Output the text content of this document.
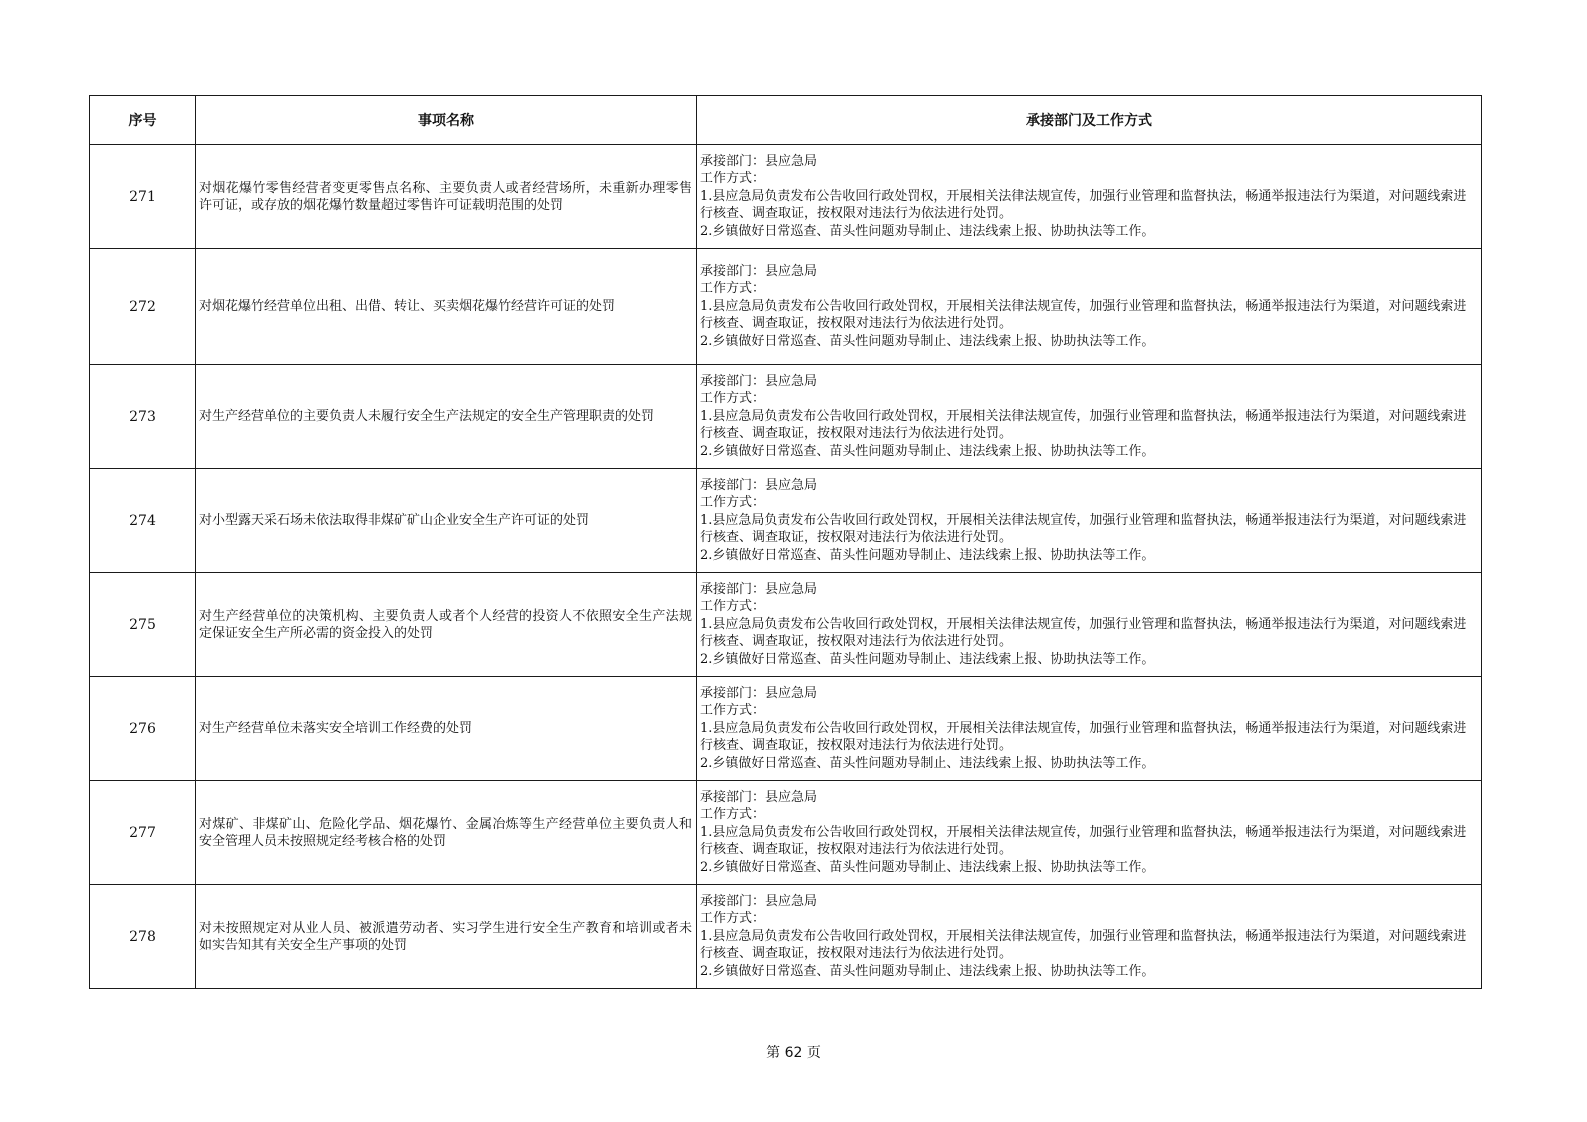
序号	事项名称	承接部门及工作方式
271	对烟花爆竹零售经营者变更零售点名称、主要负责人或者经营场所，未重新办理零售许可证，或存放的烟花爆竹数量超过零售许可证载明范围的处罚	承接部门：县应急局
工作方式：
1.县应急局负责发布公告收回行政处罚权，开展相关法律法规宣传，加强行业管理和监督执法，畅通举报违法行为渠道，对问题线索进行核查、调查取证，按权限对违法行为依法进行处罚。
2.乡镇做好日常巡查、苗头性问题劝导制止、违法线索上报、协助执法等工作。

272	对烟花爆竹经营单位出租、出借、转让、买卖烟花爆竹经营许可证的处罚	承接部门：县应急局
工作方式：
1.县应急局负责发布公告收回行政处罚权，开展相关法律法规宣传，加强行业管理和监督执法，畅通举报违法行为渠道，对问题线索进行核查、调查取证，按权限对违法行为依法进行处罚。
2.乡镇做好日常巡查、苗头性问题劝导制止、违法线索上报、协助执法等工作。

273	对生产经营单位的主要负责人未履行安全生产法规定的安全生产管理职责的处罚	承接部门：县应急局
工作方式：
1.县应急局负责发布公告收回行政处罚权，开展相关法律法规宣传，加强行业管理和监督执法，畅通举报违法行为渠道，对问题线索进行核查、调查取证，按权限对违法行为依法进行处罚。
2.乡镇做好日常巡查、苗头性问题劝导制止、违法线索上报、协助执法等工作。

274	对小型露天采石场未依法取得非煤矿矿山企业安全生产许可证的处罚	承接部门：县应急局
工作方式：
1.县应急局负责发布公告收回行政处罚权，开展相关法律法规宣传，加强行业管理和监督执法，畅通举报违法行为渠道，对问题线索进行核查、调查取证，按权限对违法行为依法进行处罚。
2.乡镇做好日常巡查、苗头性问题劝导制止、违法线索上报、协助执法等工作。

275	对生产经营单位的决策机构、主要负责人或者个人经营的投资人不依照安全生产法规定保证安全生产所必需的资金投入的处罚	承接部门：县应急局
工作方式：
1.县应急局负责发布公告收回行政处罚权，开展相关法律法规宣传，加强行业管理和监督执法，畅通举报违法行为渠道，对问题线索进行核查、调查取证，按权限对违法行为依法进行处罚。
2.乡镇做好日常巡查、苗头性问题劝导制止、违法线索上报、协助执法等工作。

276	对生产经营单位未落实安全培训工作经费的处罚	承接部门：县应急局
工作方式：
1.县应急局负责发布公告收回行政处罚权，开展相关法律法规宣传，加强行业管理和监督执法，畅通举报违法行为渠道，对问题线索进行核查、调查取证，按权限对违法行为依法进行处罚。
2.乡镇做好日常巡查、苗头性问题劝导制止、违法线索上报、协助执法等工作。

277	对煤矿、非煤矿山、危险化学品、烟花爆竹、金属冶炼等生产经营单位主要负责人和安全管理人员未按照规定经考核合格的处罚	承接部门：县应急局
工作方式：
1.县应急局负责发布公告收回行政处罚权，开展相关法律法规宣传，加强行业管理和监督执法，畅通举报违法行为渠道，对问题线索进行核查、调查取证，按权限对违法行为依法进行处罚。
2.乡镇做好日常巡查、苗头性问题劝导制止、违法线索上报、协助执法等工作。

278	对未按照规定对从业人员、被派遣劳动者、实习学生进行安全生产教育和培训或者未如实告知其有关安全生产事项的处罚	承接部门：县应急局
工作方式：
1.县应急局负责发布公告收回行政处罚权，开展相关法律法规宣传，加强行业管理和监督执法，畅通举报违法行为渠道，对问题线索进行核查、调查取证，按权限对违法行为依法进行处罚。
2.乡镇做好日常巡查、苗头性问题劝导制止、违法线索上报、协助执法等工作。
第 62 页
